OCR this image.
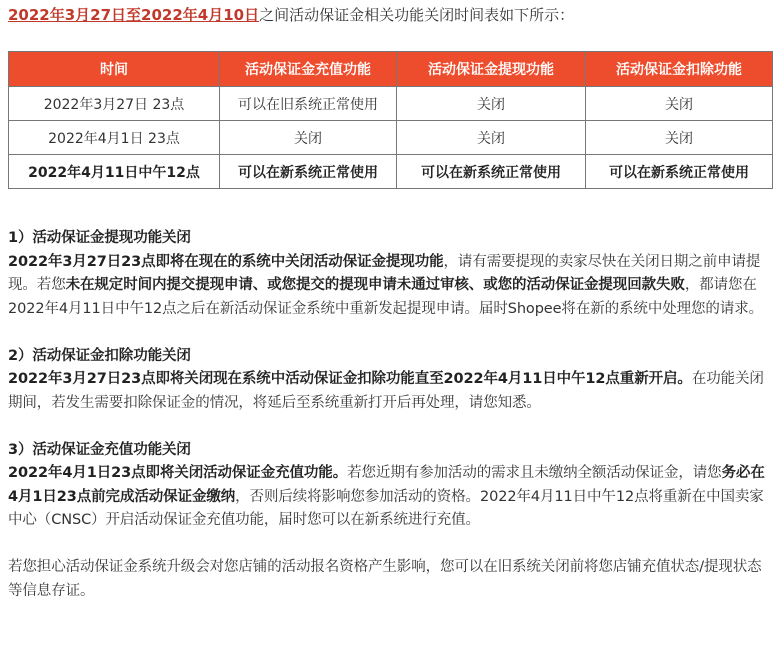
2022年3月27日至2022年4月10日之间活动保证金相关功能关闭时间表如下所示：
时间	活动保证金充值功能	活动保证金提现功能	活动保证金扣除功能
2022年3月27日 23点	可以在旧系统正常使用	关闭	关闭
2022年4月1日 23点	关闭	关闭	关闭
2022年4月11日中午12点	可以在新系统正常使用	可以在新系统正常使用	可以在新系统正常使用

1）活动保证金提现功能关闭

2022年3月27日23点即将在现在的系统中关闭活动保证金提现功能，请有需要提现的卖家尽快在关闭日期之前申请提现。若您未在规定时间内提交提现申请、或您提交的提现申请未通过审核、或您的活动保证金提现回款失败，都请您在2022年4月11日中午12点之后在新活动保证金系统中重新发起提现申请。届时Shopee将在新的系统中处理您的请求。

2）活动保证金扣除功能关闭

2022年3月27日23点即将关闭现在系统中活动保证金扣除功能直至2022年4月11日中午12点重新开启。在功能关闭期间，若发生需要扣除保证金的情况，将延后至系统重新打开后再处理，请您知悉。

3）活动保证金充值功能关闭

2022年4月1日23点即将关闭活动保证金充值功能。若您近期有参加活动的需求且未缴纳全额活动保证金，请您务必在4月1日23点前完成活动保证金缴纳，否则后续将影响您参加活动的资格。2022年4月11日中午12点将重新在中国卖家中心（CNSC）开启活动保证金充值功能，届时您可以在新系统进行充值。

若您担心活动保证金系统升级会对您店铺的活动报名资格产生影响，您可以在旧系统关闭前将您店铺充值状态/提现状态等信息存证。
